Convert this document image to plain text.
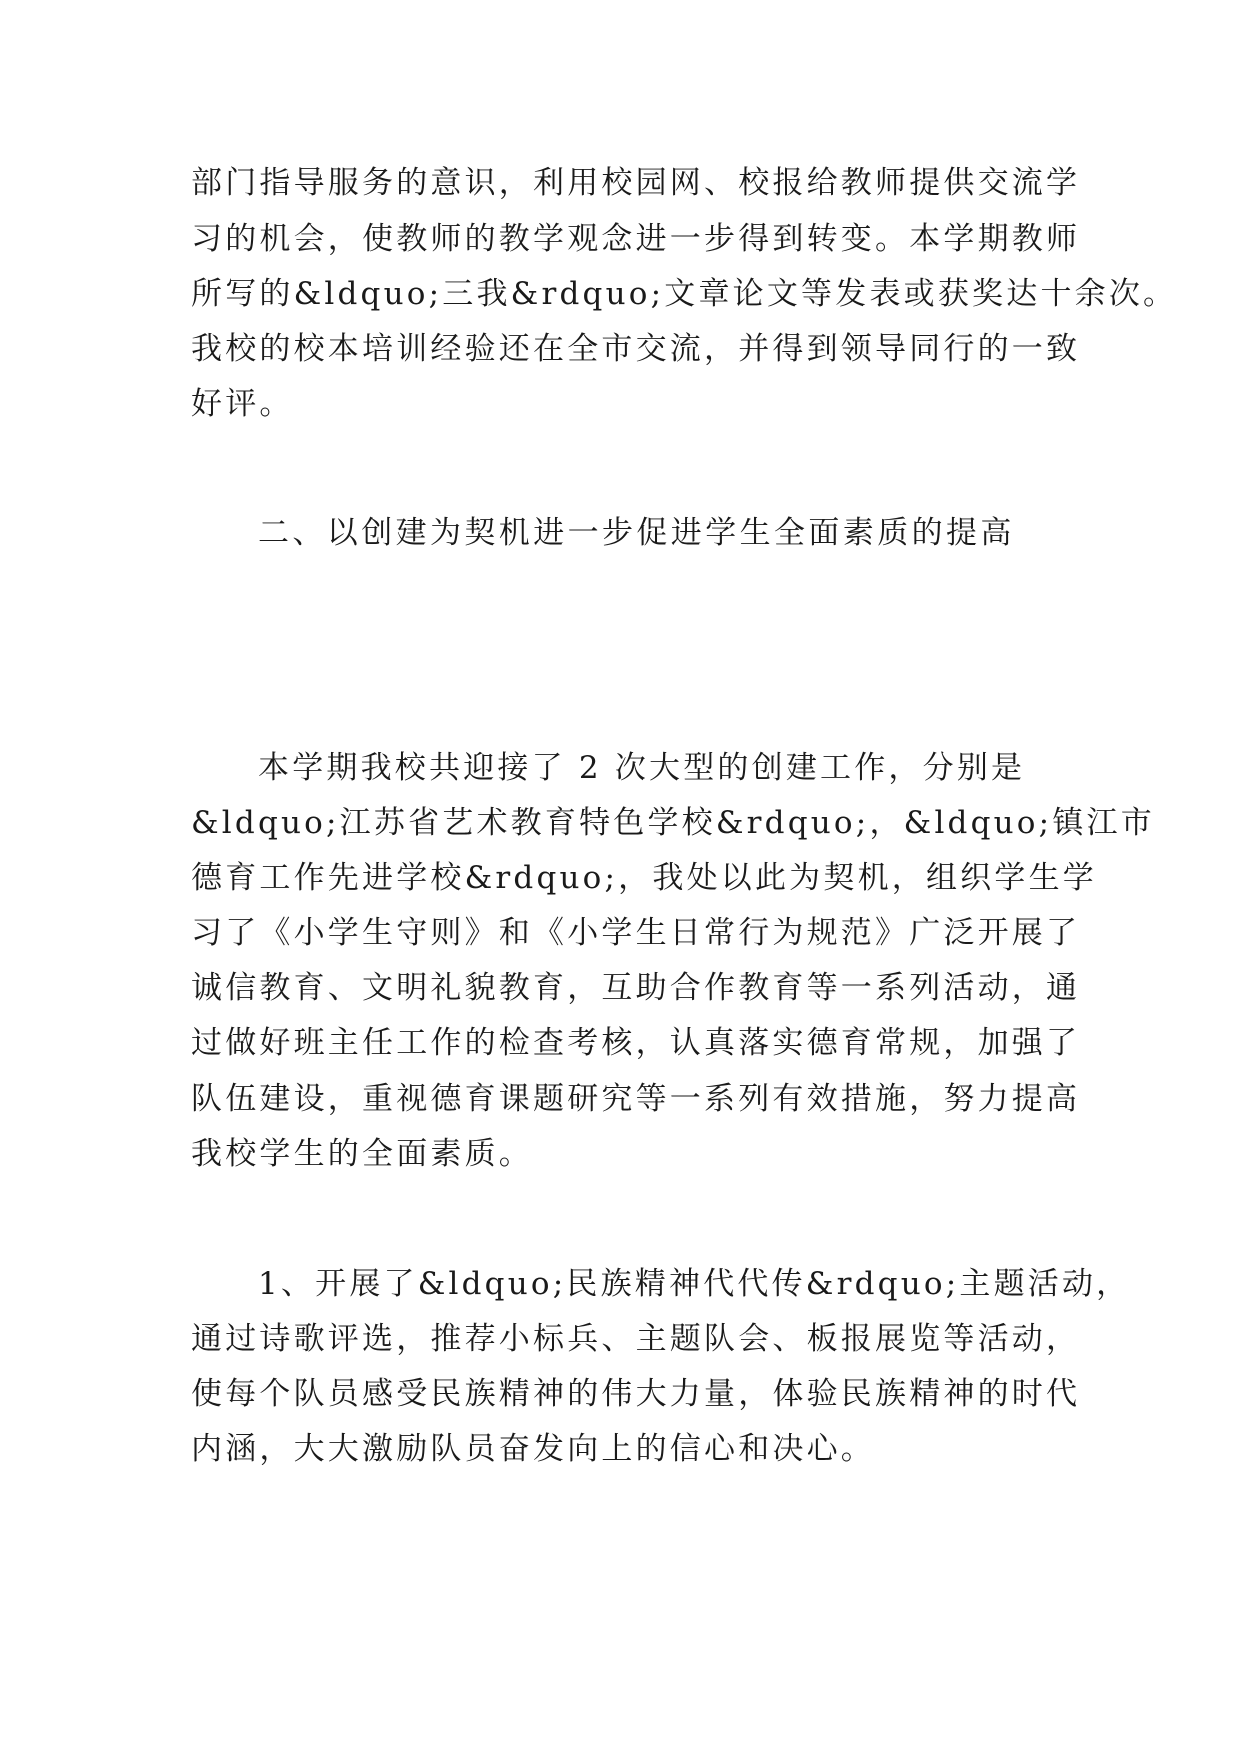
部门指导服务的意识，利用校园网、校报给教师提供交流学
习的机会，使教师的教学观念进一步得到转变。本学期教师
所写的&ldquo;三我&rdquo;文章论文等发表或获奖达十余次。
我校的校本培训经验还在全市交流，并得到领导同行的一致
好评。
二、以创建为契机进一步促进学生全面素质的提高
本学期我校共迎接了 2 次大型的创建工作，分别是
&ldquo;江苏省艺术教育特色学校&rdquo;，&ldquo;镇江市
德育工作先进学校&rdquo;，我处以此为契机，组织学生学
习了《小学生守则》和《小学生日常行为规范》广泛开展了
诚信教育、文明礼貌教育，互助合作教育等一系列活动，通
过做好班主任工作的检查考核，认真落实德育常规，加强了
队伍建设，重视德育课题研究等一系列有效措施，努力提高
我校学生的全面素质。
1、开展了&ldquo;民族精神代代传&rdquo;主题活动，
通过诗歌评选，推荐小标兵、主题队会、板报展览等活动，
使每个队员感受民族精神的伟大力量，体验民族精神的时代
内涵，大大激励队员奋发向上的信心和决心。
